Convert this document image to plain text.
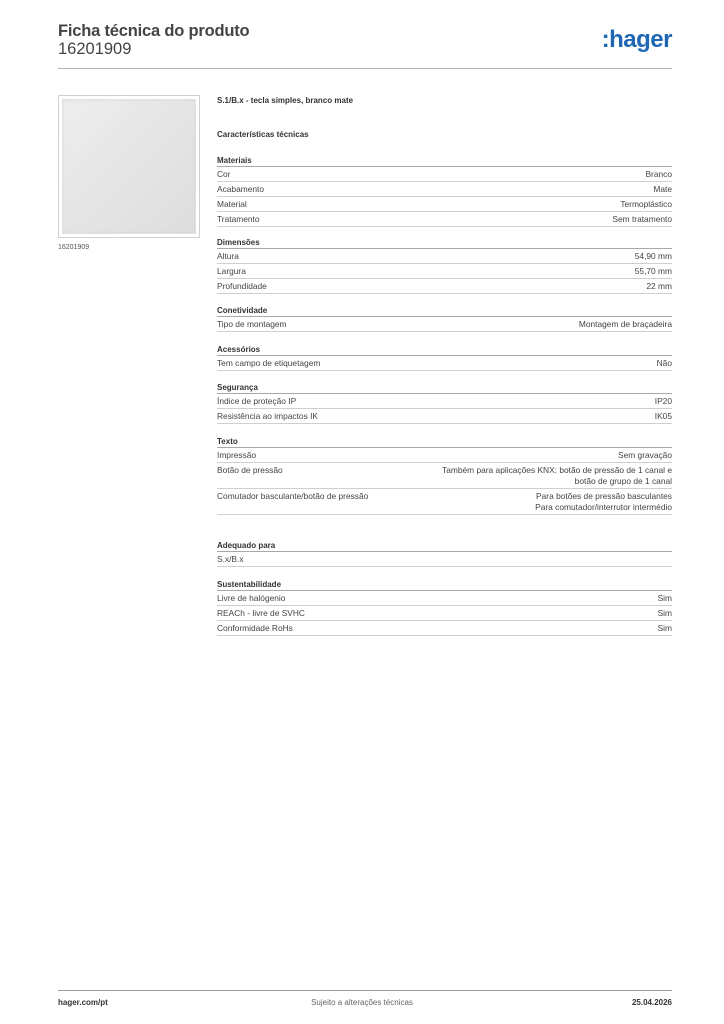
Ficha técnica do produto
16201909	:hager
16201909
S.1/B.x - tecla simples, branco mate
Características técnicas
Materiais
Cor	Branco
Acabamento	Mate
Material	Termoplástico
Tratamento	Sem tratamento
Dimensões
Altura	54,90 mm
Largura	55,70 mm
Profundidade	22 mm
Conetividade
Tipo de montagem	Montagem de braçadeira
Acessórios
Tem campo de etiquetagem	Não
Segurança
Índice de proteção IP	IP20
Resistência ao impactos IK	IK05
Texto
Impressão	Sem gravação
Botão de pressão	Também para aplicações KNX: botão de pressão de 1 canal e
botão de grupo de 1 canal
Comutador basculante/botão de pressão	Para botões de pressão basculantes
Para comutador/interrutor intermédio
Adequado para
S.x/B.x
Sustentabilidade
Livre de halógenio	Sim
REACh - livre de SVHC	Sim
Conformidade RoHs	Sim
hager.com/pt	Sujeito a alterações técnicas	25.04.2026
